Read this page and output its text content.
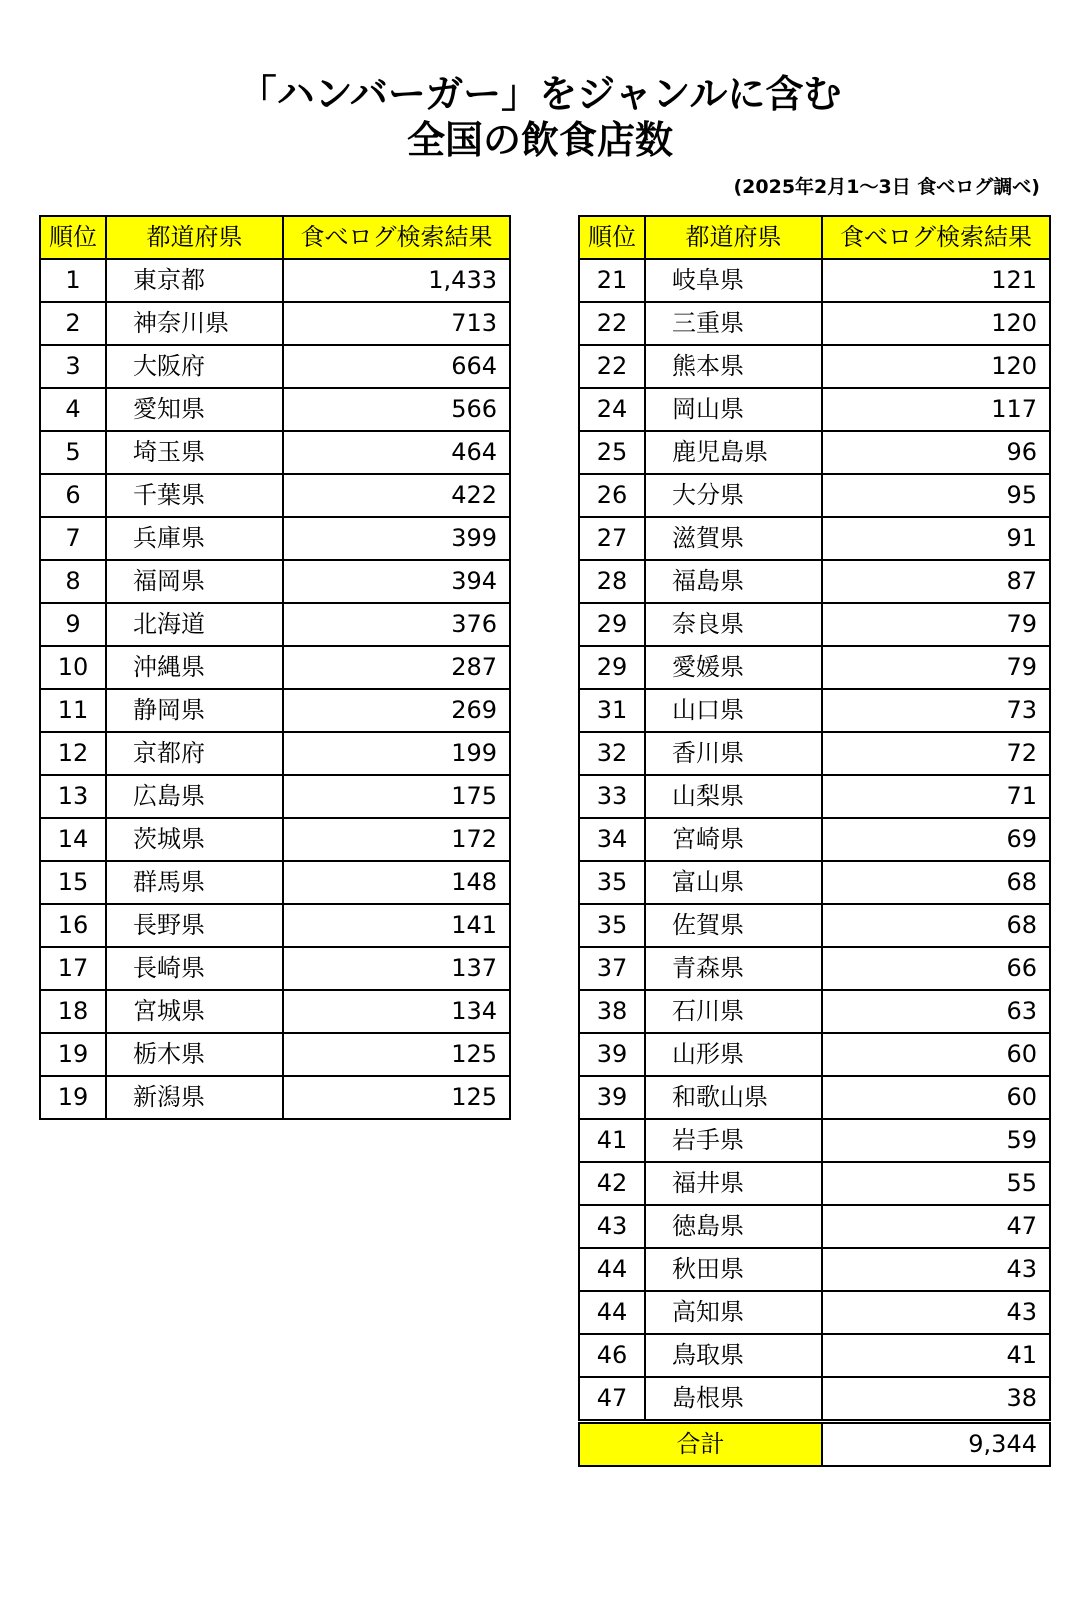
「ハンバーガー」をジャンルに含む
全国の飲食店数
(2025年2月1～3日 食べログ調べ)
順位	都道府県	食べログ検索結果
1	東京都	1,433
2	神奈川県	713
3	大阪府	664
4	愛知県	566
5	埼玉県	464
6	千葉県	422
7	兵庫県	399
8	福岡県	394
9	北海道	376
10	沖縄県	287
11	静岡県	269
12	京都府	199
13	広島県	175
14	茨城県	172
15	群馬県	148
16	長野県	141
17	長崎県	137
18	宮城県	134
19	栃木県	125
19	新潟県	125
順位	都道府県	食べログ検索結果
21	岐阜県	121
22	三重県	120
22	熊本県	120
24	岡山県	117
25	鹿児島県	96
26	大分県	95
27	滋賀県	91
28	福島県	87
29	奈良県	79
29	愛媛県	79
31	山口県	73
32	香川県	72
33	山梨県	71
34	宮崎県	69
35	富山県	68
35	佐賀県	68
37	青森県	66
38	石川県	63
39	山形県	60
39	和歌山県	60
41	岩手県	59
42	福井県	55
43	徳島県	47
44	秋田県	43
44	高知県	43
46	鳥取県	41
47	島根県	38
合計		9,344
